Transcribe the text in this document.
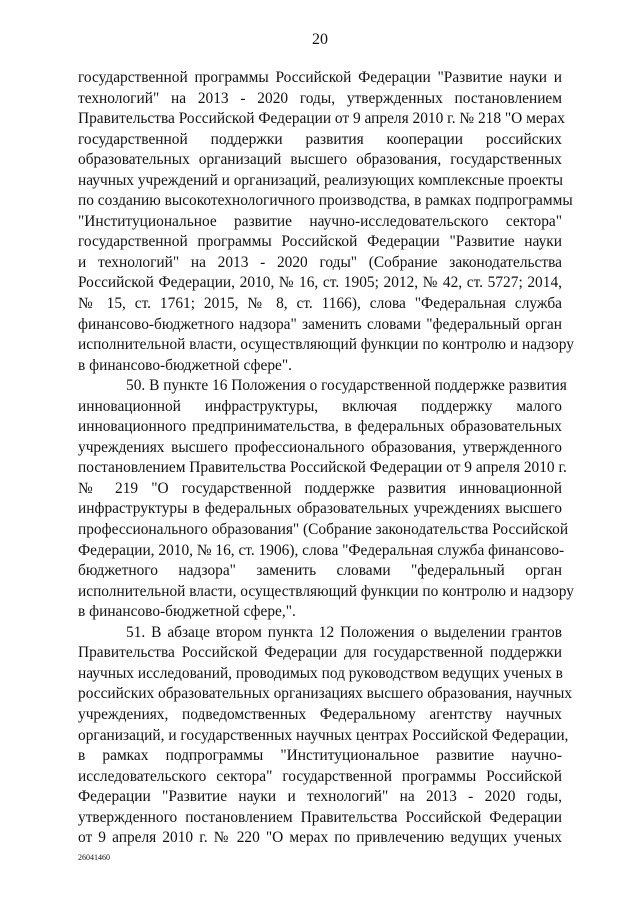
20
государственной программы Российской Федерации "Развитие науки и
технологий" на 2013 - 2020 годы, утвержденных постановлением
Правительства Российской Федерации от 9 апреля 2010 г. № 218 "О мерах
государственной поддержки развития кооперации российских
образовательных организаций высшего образования, государственных
научных учреждений и организаций, реализующих комплексные проекты
по созданию высокотехнологичного производства, в рамках подпрограммы
"Институциональное развитие научно-исследовательского сектора"
государственной программы Российской Федерации "Развитие науки
и технологий" на 2013 - 2020 годы" (Собрание законодательства
Российской Федерации, 2010, № 16, ст. 1905; 2012, № 42, ст. 5727; 2014,
№ 15, ст. 1761; 2015, № 8, ст. 1166), слова "Федеральная служба
финансово-бюджетного надзора" заменить словами "федеральный орган
исполнительной власти, осуществляющий функции по контролю и надзору
в финансово-бюджетной сфере".
50. В пункте 16 Положения о государственной поддержке развития
инновационной инфраструктуры, включая поддержку малого
инновационного предпринимательства, в федеральных образовательных
учреждениях высшего профессионального образования, утвержденного
постановлением Правительства Российской Федерации от 9 апреля 2010 г.
№ 219 "О государственной поддержке развития инновационной
инфраструктуры в федеральных образовательных учреждениях высшего
профессионального образования" (Собрание законодательства Российской
Федерации, 2010, № 16, ст. 1906), слова "Федеральная служба финансово-
бюджетного надзора" заменить словами "федеральный орган
исполнительной власти, осуществляющий функции по контролю и надзору
в финансово-бюджетной сфере,".
51. В абзаце втором пункта 12 Положения о выделении грантов
Правительства Российской Федерации для государственной поддержки
научных исследований, проводимых под руководством ведущих ученых в
российских образовательных организациях высшего образования, научных
учреждениях, подведомственных Федеральному агентству научных
организаций, и государственных научных центрах Российской Федерации,
в рамках подпрограммы "Институциональное развитие научно-
исследовательского сектора" государственной программы Российской
Федерации "Развитие науки и технологий" на 2013 - 2020 годы,
утвержденного постановлением Правительства Российской Федерации
от 9 апреля 2010 г. № 220 "О мерах по привлечению ведущих ученых
26041460
